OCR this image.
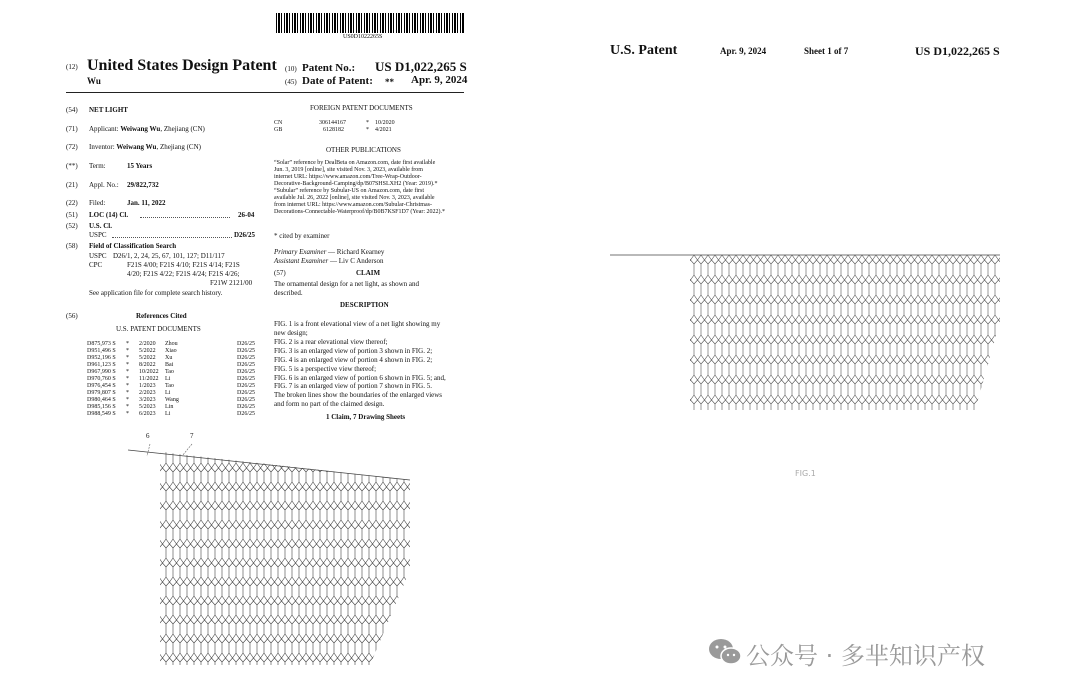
US0D1022265S
(12) United States Design Patent
Wu
(10) Patent No.: US D1,022,265 S
(45) Date of Patent: ** Apr. 9, 2024
(54) NET LIGHT
(71) Applicant: Weiwang Wu, Zhejiang (CN)
(72) Inventor: Weiwang Wu, Zhejiang (CN)
(**) Term:	15 Years
(21) Appl. No.: 29/822,732
(22) Filed:	Jan. 11, 2022
(51) LOC (14) Cl.	26-04
(52) U.S. Cl.
USPC	D26/25
(58) Field of Classification Search
USPC D26/1, 2, 24, 25, 67, 101, 127; D11/117
CPC	F21S 4/00; F21S 4/10; F21S 4/14; F21S
4/20; F21S 4/22; F21S 4/24; F21S 4/26;
F21W 2121/00
See application file for complete search history.
(56)	References Cited
U.S. PATENT DOCUMENTS
D875,973 S * 2/2020 Zhou	D26/25
D951,496 S * 5/2022 Xiao	D26/25
D952,196 S * 5/2022 Xu	D26/25
D961,123 S * 8/2022 Bai	D26/25
D967,990 S * 10/2022 Tao	D26/25
D970,760 S * 11/2022 Li	D26/25
D976,454 S * 1/2023 Tao	D26/25
D979,807 S * 2/2023 Li	D26/25
D980,464 S * 3/2023 Wang	D26/25
D985,156 S * 5/2023 Lin	D26/25
D988,549 S * 6/2023 Li	D26/25
FOREIGN PATENT DOCUMENTS
CN	306144167	* 10/2020
GB	6128182	* 4/2021
OTHER PUBLICATIONS
“Solar” reference by DealBeta on Amazon.com, date first available
Jun. 3, 2019 [online], site visited Nov. 3, 2023, available from
internet URL: https://www.amazon.com/Tree-Wrap-Outdoor-
Decorative-Background-Camping/dp/B07SHSLXH2 (Year: 2019).*
“Subular” reference by Subular-US on Amazon.com, date first
available Jul. 26, 2022 [online], site visited Nov. 3, 2023, available
from internet URL: https://www.amazon.com/Subular-Christmas-
Decorations-Connectable-Waterproof/dp/B0B7KSF1D7 (Year: 2022).*
* cited by examiner
Primary Examiner — Richard Kearney
Assistant Examiner — Liv C Anderson
(57)	CLAIM
The ornamental design for a net light, as shown and
described.
DESCRIPTION
FIG. 1 is a front elevational view of a net light showing my
new design;
FIG. 2 is a rear elevational view thereof;
FIG. 3 is an enlarged view of portion 3 shown in FIG. 2;
FIG. 4 is an enlarged view of portion 4 shown in FIG. 2;
FIG. 5 is a perspective view thereof;
FIG. 6 is an enlarged view of portion 6 shown in FIG. 5; and,
FIG. 7 is an enlarged view of portion 7 shown in FIG. 5.
The broken lines show the boundaries of the enlarged views
and form no part of the claimed design.
1 Claim, 7 Drawing Sheets
6	7
U.S. Patent	Apr. 9, 2024	Sheet 1 of 7	US D1,022,265 S
FIG.1
公众号 · 多芈知识产权
